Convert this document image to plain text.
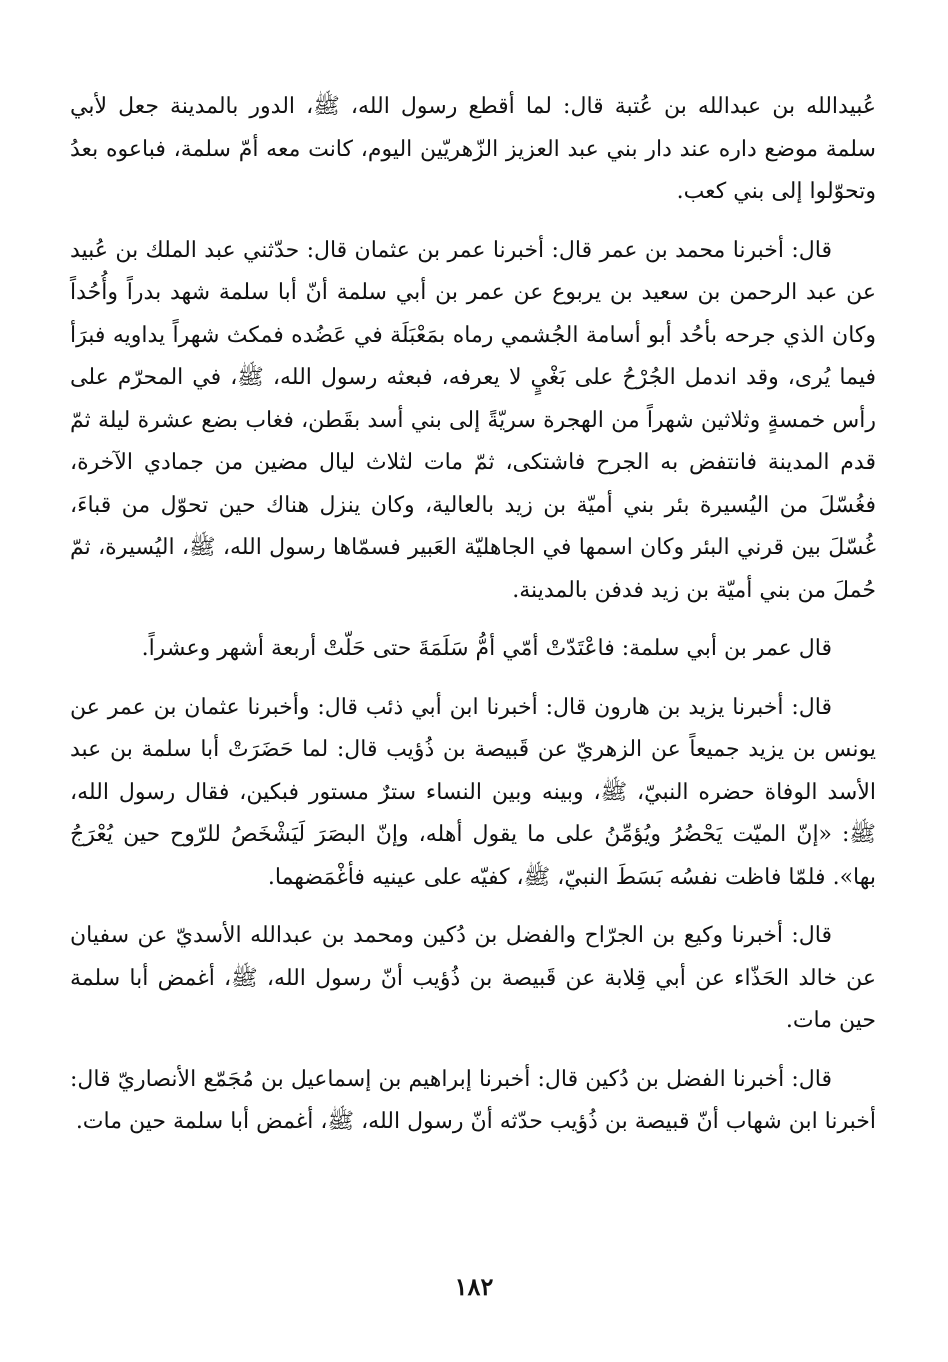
عُبيدالله بن عبدالله بن عُتبة قال: لما أقطع رسول الله، ﷺ، الدور بالمدينة جعل لأبي سلمة موضع داره عند دار بني عبد العزيز الزّهريّين اليوم، كانت معه أمّ سلمة، فباعوه بعدُ وتحوّلوا إلى بني كعب.

قال: أخبرنا محمد بن عمر قال: أخبرنا عمر بن عثمان قال: حدّثني عبد الملك بن عُبيد عن عبد الرحمن بن سعيد بن يربوع عن عمر بن أبي سلمة أنّ أبا سلمة شهد بدراً وأُحُداً وكان الذي جرحه بأحُد أبو أسامة الجُشمي رماه بمَعْبَلَة في عَضُده فمكث شهراً يداويه فبرَأ فيما يُرى، وقد اندمل الجُرْحُ على بَغْيٍ لا يعرفه، فبعثه رسول الله، ﷺ، في المحرّم على رأس خمسةٍ وثلاثين شهراً من الهجرة سريّةً إلى بني أسد بقَطن، فغاب بضع عشرة ليلة ثمّ قدم المدينة فانتفض به الجرح فاشتكى، ثمّ مات لثلاث ليال مضين من جمادي الآخرة، فغُسّلَ من اليُسيرة بئر بني أميّة بن زيد بالعالية، وكان ينزل هناك حين تحوّل من قباءَ، غُسّلَ بين قرني البئر وكان اسمها في الجاهليّة العَبير فسمّاها رسول الله، ﷺ، اليُسيرة، ثمّ حُملَ من بني أميّة بن زيد فدفن بالمدينة.

قال عمر بن أبي سلمة: فاعْتَدّتْ أمّي أمُّ سَلَمَةَ حتى حَلّتْ أربعة أشهر وعشراً.

قال: أخبرنا يزيد بن هارون قال: أخبرنا ابن أبي ذئب قال: وأخبرنا عثمان بن عمر عن يونس بن يزيد جميعاً عن الزهريّ عن قَبيصة بن ذُؤيب قال: لما حَضَرَتْ أبا سلمة بن عبد الأسد الوفاة حضره النبيّ، ﷺ، وبينه وبين النساء سترٌ مستور فبكين، فقال رسول الله، ﷺ: «إنّ الميّت يَحْضُرُ ويُؤمِّنُ على ما يقول أهله، وإنّ البصَرَ لَيَشْخَصُ للرّوح حين يُعْرَجُ بها». فلمّا فاظت نفسُه بَسَطَ النبيّ، ﷺ، كفيّه على عينيه فأغْمَضهما.

قال: أخبرنا وكيع بن الجرّاح والفضل بن دُكين ومحمد بن عبدالله الأسديّ عن سفيان عن خالد الحَذّاء عن أبي قِلابة عن قَبيصة بن ذُؤيب أنّ رسول الله، ﷺ، أغمض أبا سلمة حين مات.

قال: أخبرنا الفضل بن دُكين قال: أخبرنا إبراهيم بن إسماعيل بن مُجَمّع الأنصاريّ قال: أخبرنا ابن شهاب أنّ قبيصة بن ذُؤيب حدّثه أنّ رسول الله، ﷺ، أغمض أبا سلمة حين مات.

١٨٢
